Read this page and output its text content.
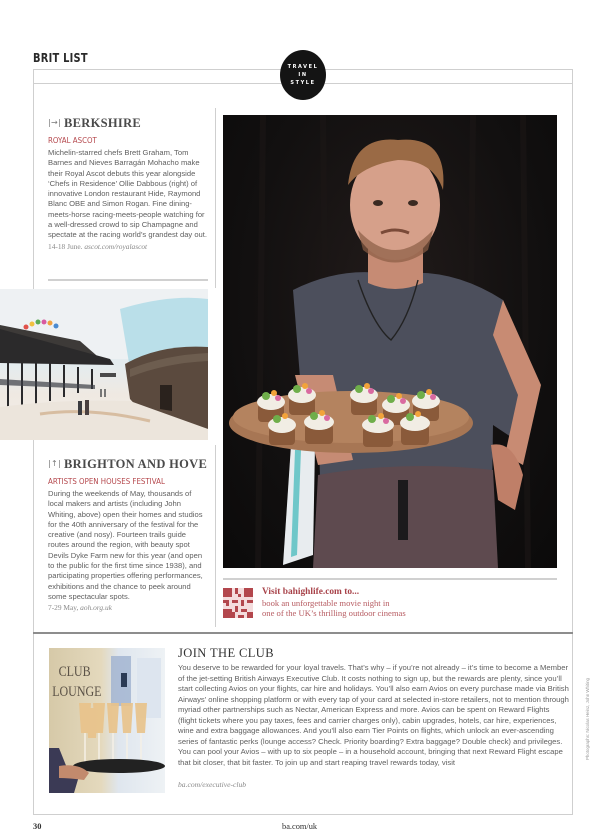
BRIT LIST
TRAVEL
IN
STYLE
|→| BERKSHIRE
ROYAL ASCOT
Michelin-starred chefs Brett Graham, Tom Barnes and Nieves Barragán Mohacho make their Royal Ascot debuts this year alongside ‘Chefs in Residence’ Ollie Dabbous (right) of innovative London restaurant Hide, Raymond Blanc OBE and Simon Rogan. Fine dining-meets-horse racing-meets-people watching for a well-dressed crowd to sip Champagne and spectate at the racing world’s grandest day out.
14-18 June. ascot.com/royalascot
|↑| BRIGHTON AND HOVE
ARTISTS OPEN HOUSES FESTIVAL
During the weekends of May, thousands of local makers and artists (including John Whiting, above) open their homes and studios for the 40th anniversary of the festival for the creative (and nosy). Fourteen trails guide routes around the region, with beauty spot Devils Dyke Farm new for this year (and open to the public for the first time since 1938), and participating properties offering performances, exhibitions and the chance to peek around some spectacular spots.
7-29 May, aoh.org.uk
Visit bahighlife.com to...
book an unforgettable movie night in
one of the UK’s thrilling outdoor cinemas
CLUB
LOUNGE
JOIN THE CLUB
You deserve to be rewarded for your loyal travels. That’s why – if you’re not already – it’s time to become a Member of the jet-setting British Airways Executive Club. It costs nothing to sign up, but the rewards are plenty, since you’ll start collecting Avios on your flights, car hire and holidays. You’ll also earn Avios on every purchase made via British Airways’ online shopping platform or with every tap of your card at selected in-store retailers, not to mention through myriad other partnerships such as Nectar, American Express and more. Avios can be spent on Reward Flights (flight tickets where you pay taxes, fees and carrier charges only), cabin upgrades, hotels, car hire, experiences, wine and extra baggage allowances. And you’ll also earn Tier Points on flights, which unlock an ever-ascending series of fantastic perks (lounge access? Check. Priority boarding? Extra baggage? Double check) and privileges. You can pool your Avios – with up to six people – in a household account, bringing that next Reward Flight escape that bit closer, that bit faster. To join up and start reaping travel rewards today, visit
ba.com/executive-club
Photographs: Nicolas Heinz, John Whiting
30	ba.com/uk
